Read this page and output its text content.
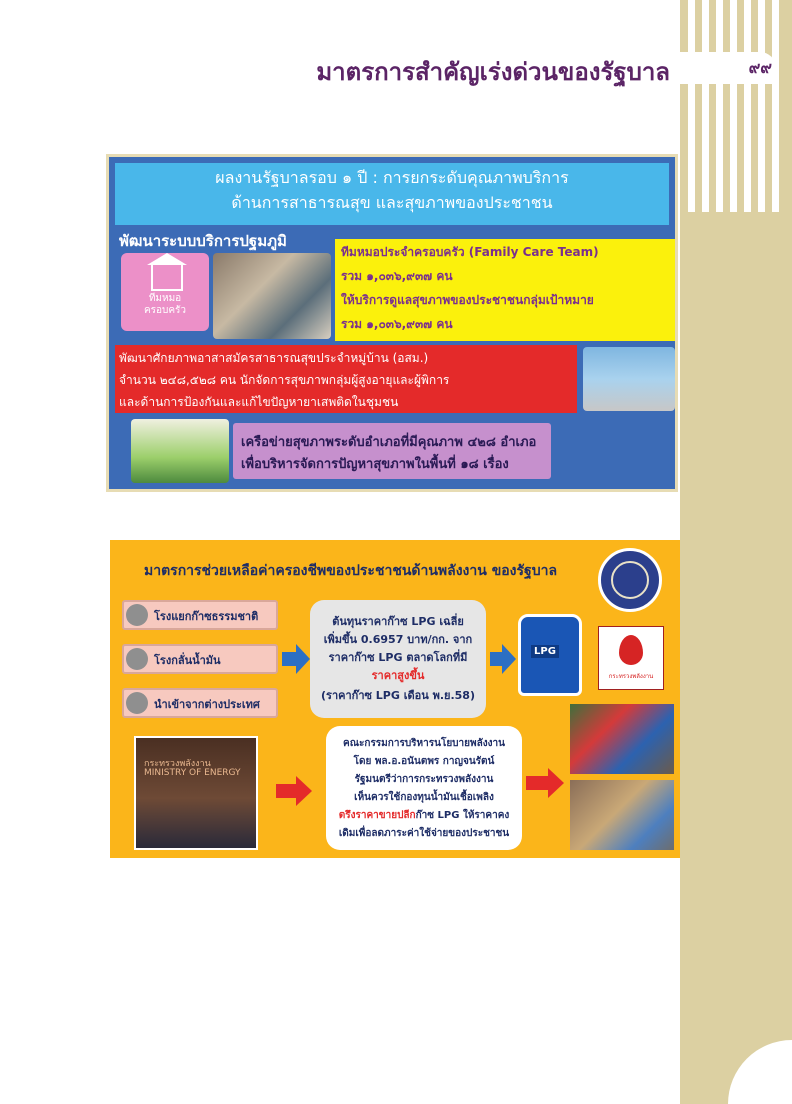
มาตรการสำคัญเร่งด่วนของรัฐบาล	๙๙
ผลงานรัฐบาลรอบ ๑ ปี : การยกระดับคุณภาพบริการ
ด้านการสาธารณสุข และสุขภาพของประชาชน
พัฒนาระบบบริการปฐมภูมิ
ทีมหมอ
ครอบครัว
ทีมหมอประจำครอบครัว (Family Care Team)
รวม ๑,๐๓๖,๙๓๗ คน
ให้บริการดูแลสุขภาพของประชาชนกลุ่มเป้าหมาย
รวม ๑,๐๓๖,๙๓๗ คน
พัฒนาศักยภาพอาสาสมัครสาธารณสุขประจำหมู่บ้าน (อสม.)
จำนวน ๒๔๘,๕๒๘ คน นักจัดการสุขภาพกลุ่มผู้สูงอายุและผู้พิการ
และด้านการป้องกันและแก้ไขปัญหายาเสพติดในชุมชน
เครือข่ายสุขภาพระดับอำเภอที่มีคุณภาพ ๔๒๘ อำเภอ
เพื่อบริหารจัดการปัญหาสุขภาพในพื้นที่ ๑๘ เรื่อง
มาตรการช่วยเหลือค่าครองชีพของประชาชนด้านพลังงาน ของรัฐบาล
โรงแยกก๊าซธรรมชาติ
โรงกลั่นน้ำมัน
นำเข้าจากต่างประเทศ
ต้นทุนราคาก๊าซ LPG เฉลี่ย
เพิ่มขึ้น 0.6957 บาท/กก. จาก
ราคาก๊าซ LPG ตลาดโลกที่มี
ราคาสูงขึ้น
(ราคาก๊าซ LPG เดือน พ.ย.58)
LPG
กระทรวงพลังงาน
กระทรวงพลังงาน
MINISTRY OF ENERGY
คณะกรรมการบริหารนโยบายพลังงาน
โดย พล.อ.อนันตพร กาญจนรัตน์
รัฐมนตรีว่าการกระทรวงพลังงาน
เห็นควรใช้กองทุนน้ำมันเชื้อเพลิง
ตรึงราคาขายปลีกก๊าซ LPG ให้ราคาคง
เดิมเพื่อลดภาระค่าใช้จ่ายของประชาชน
